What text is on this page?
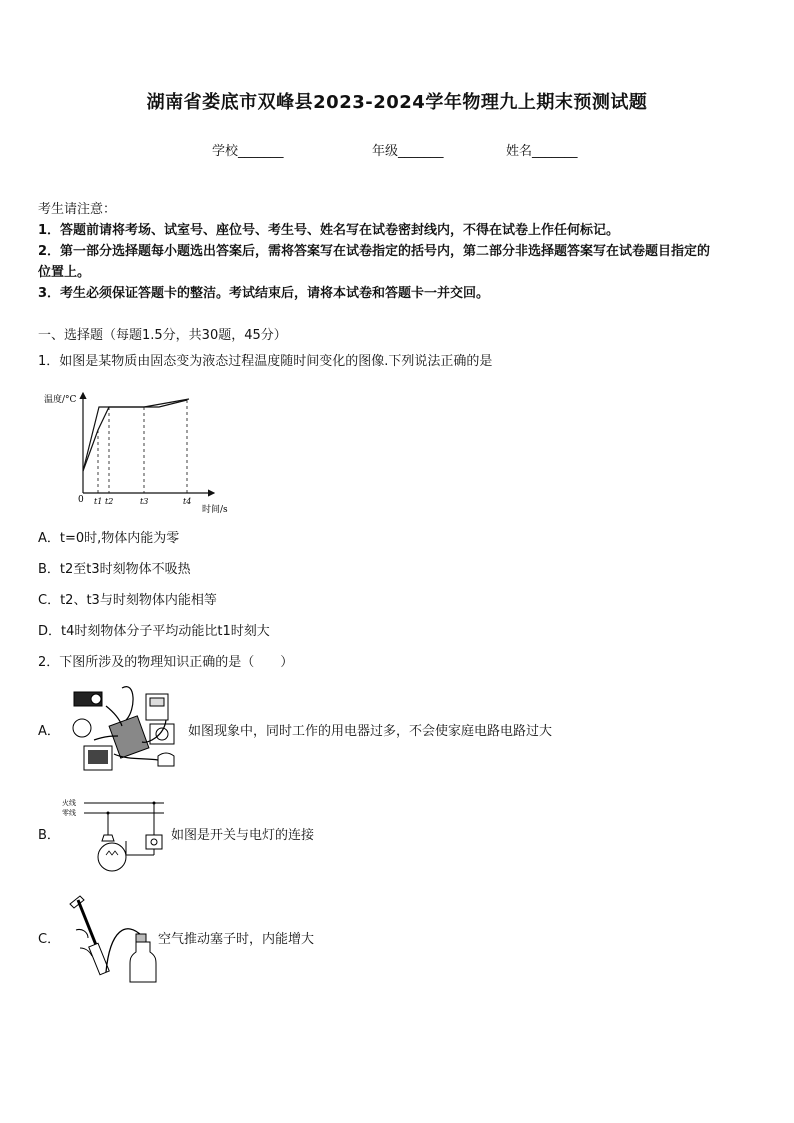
湖南省娄底市双峰县2023-2024学年物理九上期末预测试题
学校_______	年级_______	姓名_______
考生请注意：
1．答题前请将考场、试室号、座位号、考生号、姓名写在试卷密封线内，不得在试卷上作任何标记。
2．第一部分选择题每小题选出答案后，需将答案写在试卷指定的括号内，第二部分非选择题答案写在试卷题目指定的
位置上。
3．考生必须保证答题卡的整洁。考试结束后，请将本试卷和答题卡一并交回。
一、选择题（每题1.5分，共30题，45分）
1．如图是某物质由固态变为液态过程温度随时间变化的图像.下列说法正确的是
温度/°C
0 t1 t2	t3	t4
时间/s
A．t=0时,物体内能为零
B．t2至t3时刻物体不吸热
C．t2、t3与时刻物体内能相等
D．t4时刻物体分子平均动能比t1时刻大
2．下图所涉及的物理知识正确的是（　　）
A．	如图现象中，同时工作的用电器过多，不会使家庭电路电路过大
B．
火线
零线
如图是开关与电灯的连接
C．	空气推动塞子时，内能增大
